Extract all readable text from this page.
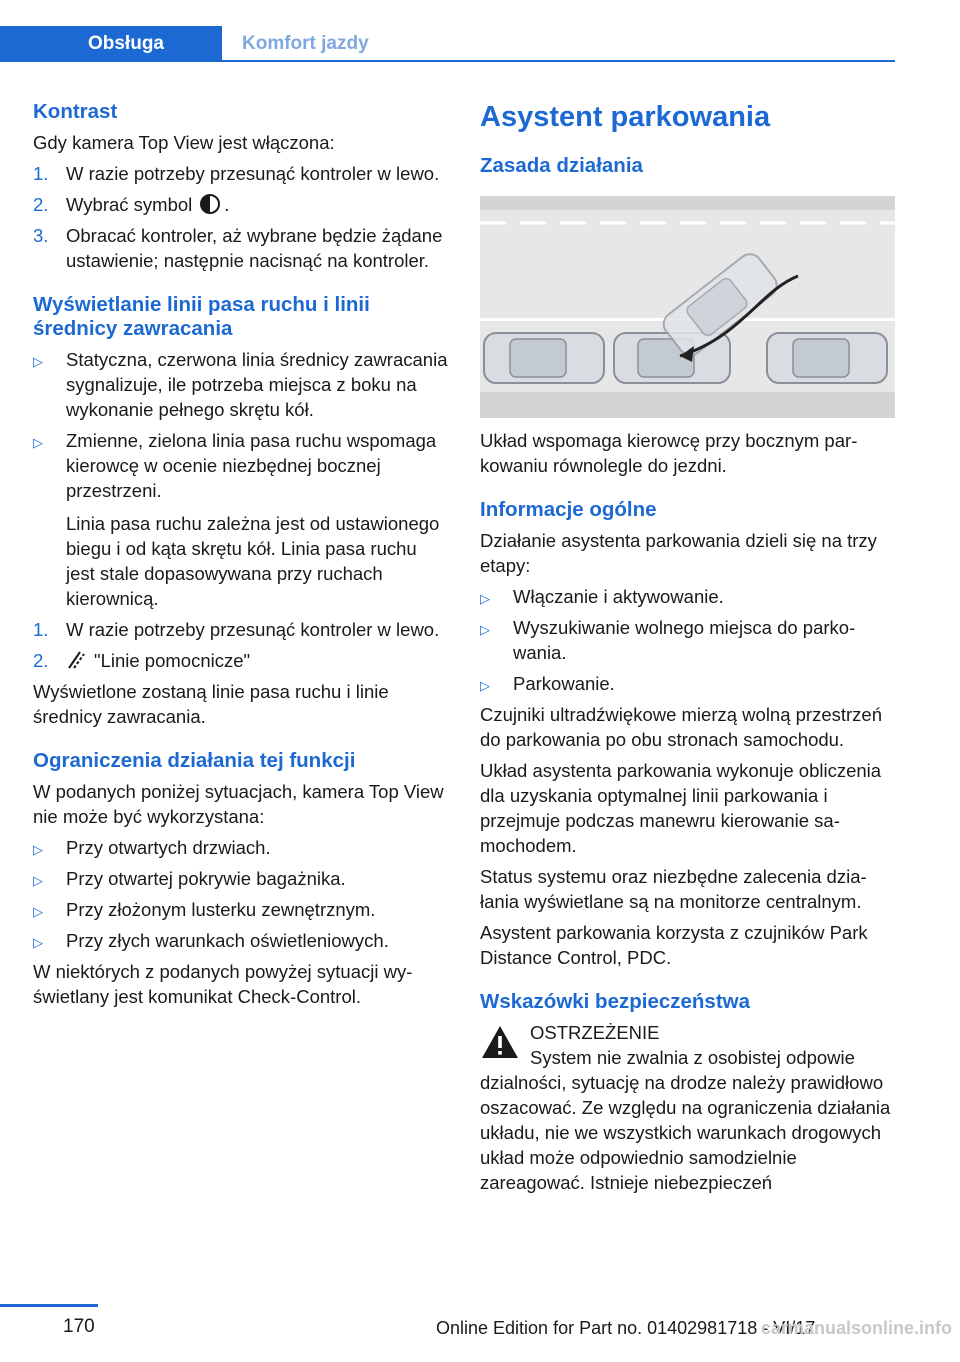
Obsługa	Komfort jazdy
Kontrast

Gdy kamera Top View jest włączona:

1. W razie potrzeby przesunąć kontroler w lewo.
2. Wybrać symbol .
3. Obracać kontroler, aż wybrane będzie żądane ustawienie; następnie nacisnąć na kontroler.
Wyświetlanie linii pasa ruchu i linii średnicy zawracania
▷ Statyczna, czerwona linia średnicy zawracania sygnalizuje, ile potrzeba miejsca z boku na wykonanie pełnego skrętu kół.
▷ Zmienne, zielona linia pasa ruchu wspomaga kierowcę w ocenie niezbędnej bocznej przestrzeni.

Linia pasa ruchu zależna jest od ustawionego biegu i od kąta skrętu kół. Linia pasa ruchu jest stale dopasowywana przy ruchach kierownicą.

1. W razie potrzeby przesunąć kontroler w lewo.
2. "Linie pomocnicze"

Wyświetlone zostaną linie pasa ruchu i linie średnicy zawracania.

Ograniczenia działania tej funkcji

W podanych poniżej sytuacjach, kamera Top View nie może być wykorzystana:

▷ Przy otwartych drzwiach.
▷ Przy otwartej pokrywie bagażnika.
▷ Przy złożonym lusterku zewnętrznym.
▷ Przy złych warunkach oświetleniowych.

W niektórych z podanych powyżej sytuacji wyświetlany jest komunikat Check-Control.

Asystent parkowania
Zasada działania

Układ wspomaga kierowcę przy bocznym parkowaniu równolegle do jezdni.

Informacje ogólne

Działanie asystenta parkowania dzieli się na trzy etapy:

▷ Włączanie i aktywowanie.
▷ Wyszukiwanie wolnego miejsca do parkowania.
▷ Parkowanie.

Czujniki ultradźwiękowe mierzą wolną przestrzeń do parkowania po obu stronach samochodu.

Układ asystenta parkowania wykonuje obliczenia dla uzyskania optymalnej linii parkowania i przejmuje podczas manewru kierowanie samochodem.

Status systemu oraz niezbędne zalecenia działania wyświetlane są na monitorze centralnym.

Asystent parkowania korzysta z czujników Park Distance Control, PDC.

Wskazówki bezpieczeństwa
OSTRZEŻENIE
System nie zwalnia z osobistej odpowie
dzialności, sytuację na drodze należy prawidłowo oszacować. Ze względu na ograniczenia działania układu, nie we wszystkich warunkach drogowych układ może odpowiednio samodzielnie zareagować. Istnieje niebezpieczeń
170	Online Edition for Part no. 01402981718 - VI/17
carmanualsonline.info
